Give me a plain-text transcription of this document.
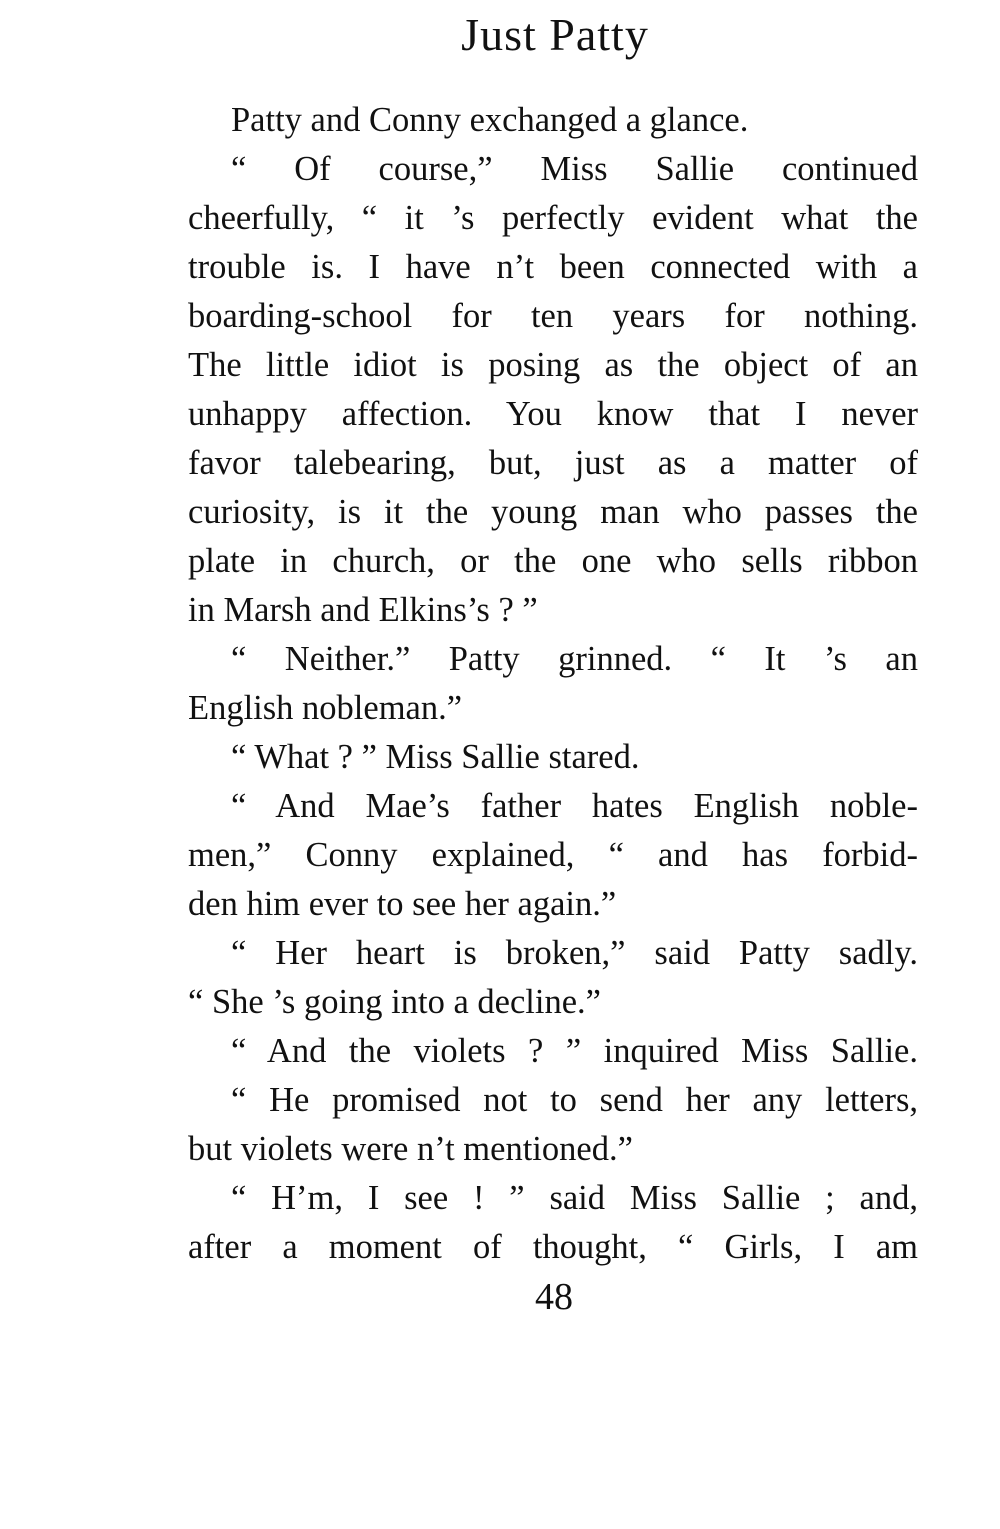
Just Patty
Patty and Conny exchanged a glance.
“ Of course,” Miss Sallie continued
cheerfully, “ it ’s perfectly evident what the
trouble is. I have n’t been connected with a
boarding-school for ten years for nothing.
The little idiot is posing as the object of an
unhappy affection. You know that I never
favor talebearing, but, just as a matter of
curiosity, is it the young man who passes the
plate in church, or the one who sells ribbon
in Marsh and Elkins’s ? ”
“ Neither.” Patty grinned. “ It ’s an
English nobleman.”
“ What ? ” Miss Sallie stared.
“ And Mae’s father hates English noble-
men,” Conny explained, “ and has forbid-
den him ever to see her again.”
“ Her heart is broken,” said Patty sadly.
“ She ’s going into a decline.”
“ And the violets ? ” inquired Miss Sallie.
“ He promised not to send her any letters,
but violets were n’t mentioned.”
“ H’m, I see ! ” said Miss Sallie ; and,
after a moment of thought, “ Girls, I am
48
